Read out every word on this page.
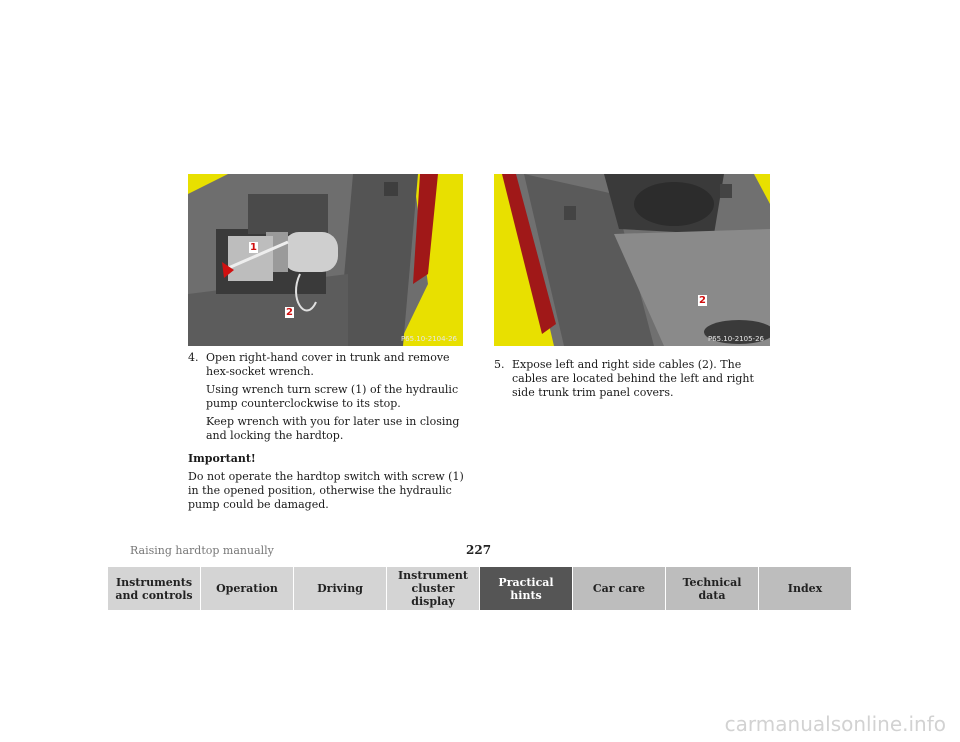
1
2
P65.10-2104-26
2
P65.10-2105-26

4. Open right-hand cover in trunk and remove hex-socket wrench.

Using wrench turn screw (1) of the hydraulic pump counterclockwise to its stop.

Keep wrench with you for later use in closing and locking the hardtop.

Important!

Do not operate the hardtop switch with screw (1) in the opened position, otherwise the hydraulic pump could be damaged.

5. Expose left and right side cables (2). The cables are located behind the left and right side trunk trim panel covers.

Raising hardtop manually	227
Instruments and controls	Operation	Driving
Instrument cluster display
Practical hints	Car care	Technical data	Index
carmanualsonline.info
